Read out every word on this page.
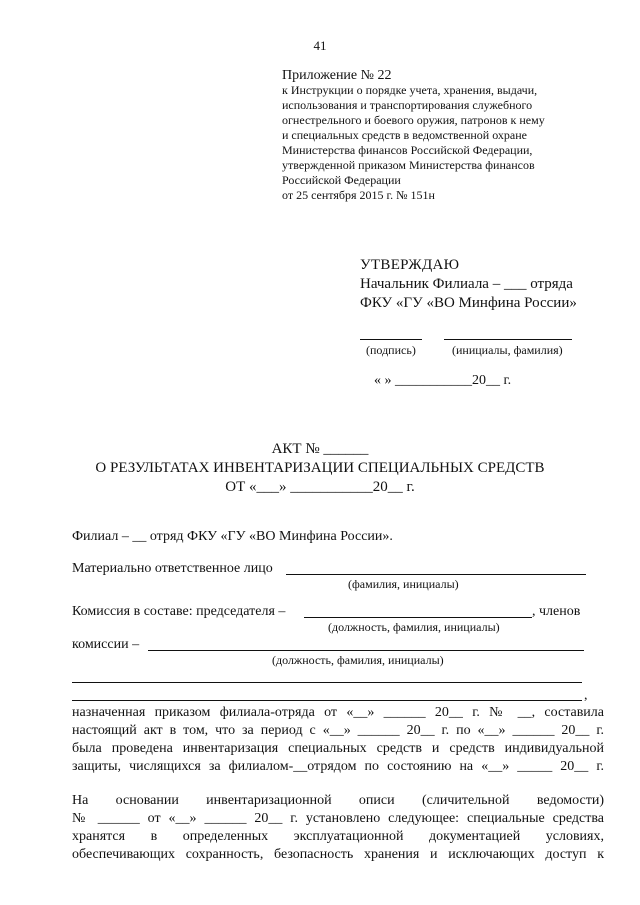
41
Приложение № 22
к Инструкции о порядке учета, хранения, выдачи,
использования и транспортирования служебного
огнестрельного и боевого оружия, патронов к нему
и специальных средств в ведомственной охране
Министерства финансов Российской Федерации,
утвержденной приказом Министерства финансов
Российской Федерации
от 25 сентября 2015 г. № 151н
УТВЕРЖДАЮ
Начальник Филиала – ___ отряда
ФКУ «ГУ «ВО Минфина России»
(подпись)	(инициалы, фамилия)
« » ___________20__ г.
АКТ № ______
О РЕЗУЛЬТАТАХ ИНВЕНТАРИЗАЦИИ СПЕЦИАЛЬНЫХ СРЕДСТВ
ОТ «___» ___________20__ г.
Филиал – __ отряд ФКУ «ГУ «ВО Минфина России».
Материально ответственное лицо
(фамилия, инициалы)
Комиссия в составе: председателя –	, членов
(должность, фамилия, инициалы)
комиссии –
(должность, фамилия, инициалы)
,
назначенная приказом филиала-отряда от «__» ______ 20__ г. № __, составила
настоящий акт в том, что за период с «__» ______ 20__ г. по «__» ______ 20__ г.
была проведена инвентаризация специальных средств и средств индивидуальной
защиты, числящихся за филиалом-__отрядом по состоянию на «__» _____ 20__ г.
На основании инвентаризационной описи (сличительной ведомости)
№ ______ от «__» ______ 20__ г. установлено следующее: специальные средства
хранятся в определенных эксплуатационной документацией условиях,
обеспечивающих сохранность, безопасность хранения и исключающих доступ к
